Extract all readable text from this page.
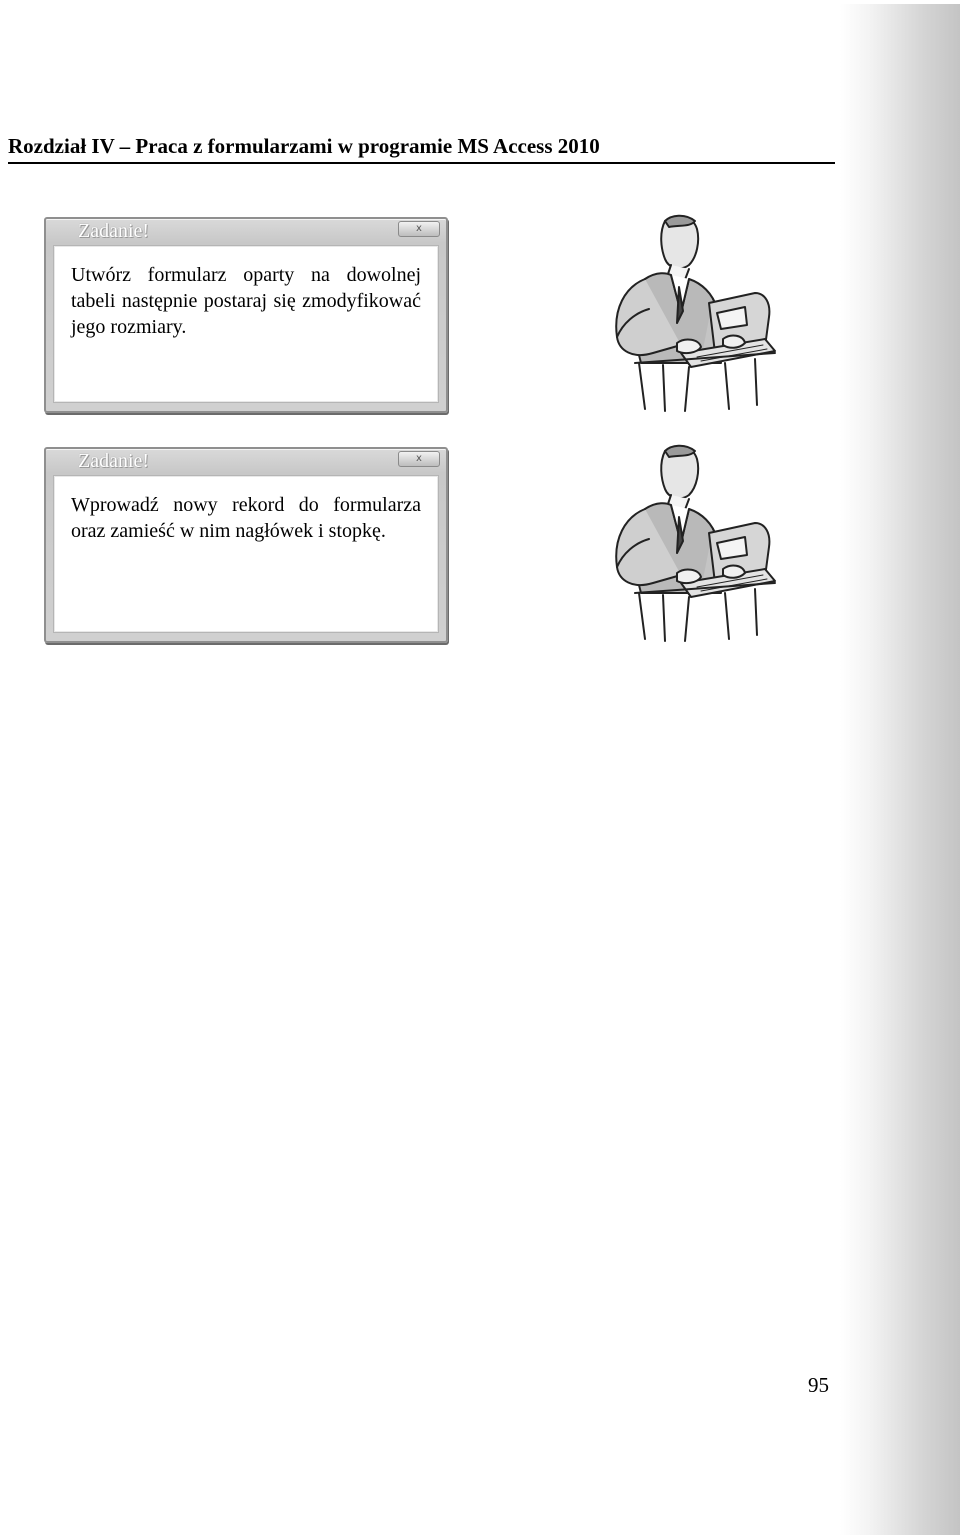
Rozdział IV – Praca z formularzami w programie MS Access 2010
Zadanie!	x
Utwórz formularz oparty na dowolnej tabeli następnie postaraj się zmodyfikować jego rozmiary.
Zadanie!	x
Wprowadź nowy rekord do formularza oraz zamieść w nim nagłówek i stopkę.
95
